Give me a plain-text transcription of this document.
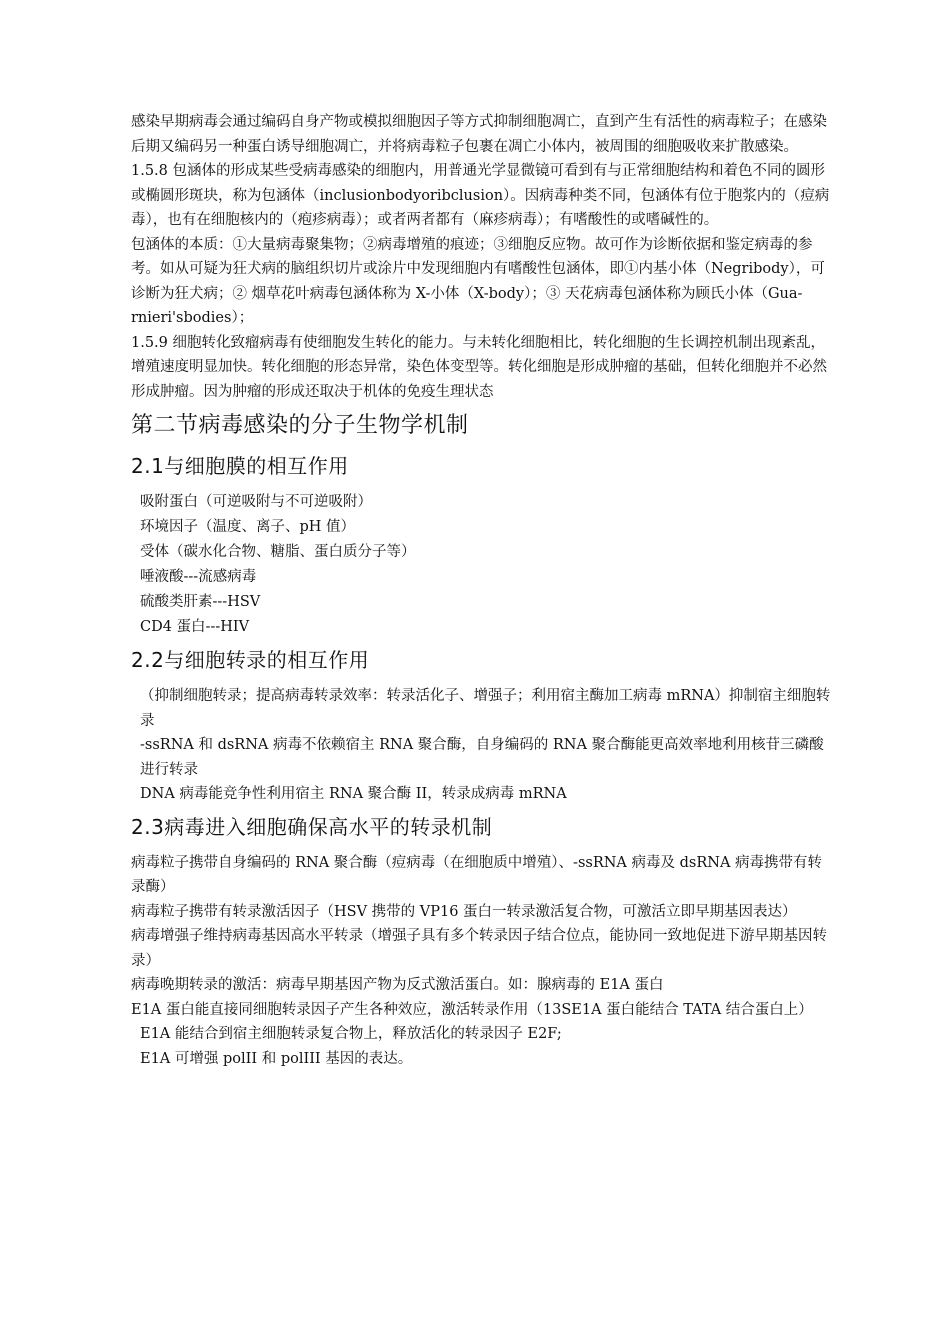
感染早期病毒会通过编码自身产物或模拟细胞因子等方式抑制细胞凋亡，直到产生有活性的病毒粒子；在感染后期又编码另一种蛋白诱导细胞凋亡，并将病毒粒子包裹在凋亡小体内，被周围的细胞吸收来扩散感染。

1.5.8 包涵体的形成某些受病毒感染的细胞内，用普通光学显微镜可看到有与正常细胞结构和着色不同的圆形或椭圆形斑块，称为包涵体（inclusionbodyoribclusion）。因病毒种类不同，包涵体有位于胞浆内的（痘病毒），也有在细胞核内的（疱疹病毒）；或者两者都有（麻疹病毒）；有嗜酸性的或嗜碱性的。

包涵体的本质：①大量病毒聚集物；②病毒增殖的痕迹；③细胞反应物。故可作为诊断依据和鉴定病毒的参考。如从可疑为狂犬病的脑组织切片或涂片中发现细胞内有嗜酸性包涵体，即①内基小体（Negribody），可诊断为狂犬病；② 烟草花叶病毒包涵体称为 X-小体（X-body）；③ 天花病毒包涵体称为顾氏小体（Gua-rnieri'sbodies）；

1.5.9 细胞转化致瘤病毒有使细胞发生转化的能力。与未转化细胞相比，转化细胞的生长调控机制出现紊乱，增殖速度明显加快。转化细胞的形态异常，染色体变型等。转化细胞是形成肿瘤的基础，但转化细胞并不必然形成肿瘤。因为肿瘤的形成还取决于机体的免疫生理状态

第二节病毒感染的分子生物学机制
2.1与细胞膜的相互作用
吸附蛋白（可逆吸附与不可逆吸附）
环境因子（温度、离子、pH 值）
受体（碳水化合物、糖脂、蛋白质分子等）
唾液酸---流感病毒
硫酸类肝素---HSV
CD4 蛋白---HIV
2.2与细胞转录的相互作用

（抑制细胞转录；提高病毒转录效率：转录活化子、增强子；利用宿主酶加工病毒 mRNA）抑制宿主细胞转录

-ssRNA 和 dsRNA 病毒不依赖宿主 RNA 聚合酶，自身编码的 RNA 聚合酶能更高效率地利用核苷三磷酸进行转录

DNA 病毒能竞争性利用宿主 RNA 聚合酶 II，转录成病毒 mRNA

2.3病毒进入细胞确保高水平的转录机制

病毒粒子携带自身编码的 RNA 聚合酶（痘病毒（在细胞质中增殖）、-ssRNA 病毒及 dsRNA 病毒携带有转录酶）

病毒粒子携带有转录激活因子（HSV 携带的 VP16 蛋白一转录激活复合物，可激活立即早期基因表达）

病毒增强子维持病毒基因高水平转录（增强子具有多个转录因子结合位点，能协同一致地促进下游早期基因转录）

病毒晚期转录的激活：病毒早期基因产物为反式激活蛋白。如：腺病毒的 E1A 蛋白

E1A 蛋白能直接同细胞转录因子产生各种效应，激活转录作用（13SE1A 蛋白能结合 TATA 结合蛋白上）

E1A 能结合到宿主细胞转录复合物上，释放活化的转录因子 E2F;

E1A 可增强 polII 和 polIII 基因的表达。
